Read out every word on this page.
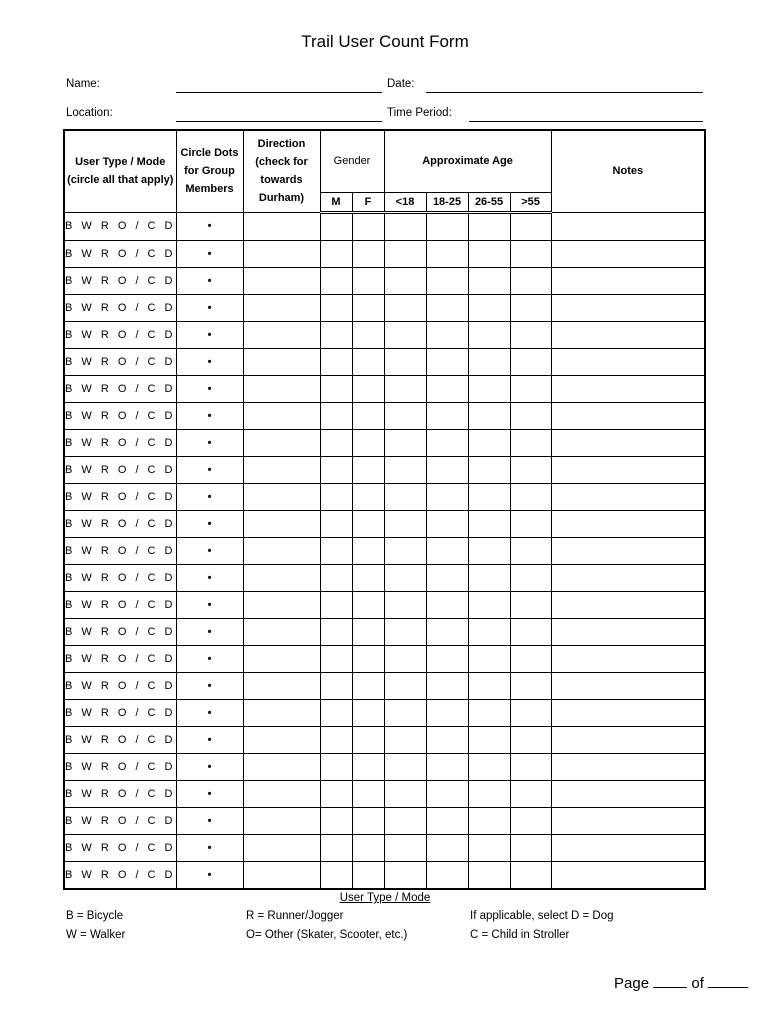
Trail User Count Form
Name:	Date:
Location:	Time Period:
User Type / Mode (circle all that apply)	Circle Dots for Group Members	Direction (check for towards Durham)	Gender		Approximate Age				Notes
			M	F	<18	18-25	26-55	>55	
B W R O / C D	•								
B W R O / C D	•								
B W R O / C D	•								
B W R O / C D	•								
B W R O / C D	•								
B W R O / C D	•								
B W R O / C D	•								
B W R O / C D	•								
B W R O / C D	•								
B W R O / C D	•								
B W R O / C D	•								
B W R O / C D	•								
B W R O / C D	•								
B W R O / C D	•								
B W R O / C D	•								
B W R O / C D	•								
B W R O / C D	•								
B W R O / C D	•								
B W R O / C D	•								
B W R O / C D	•								
B W R O / C D	•								
B W R O / C D	•								
B W R O / C D	•								
B W R O / C D	•								
B W R O / C D	•								
User Type / Mode
B = Bicycle
W = Walker
R = Runner/Jogger
O= Other (Skater, Scooter, etc.)
If applicable, select D = Dog
C = Child in Stroller
Page	of
